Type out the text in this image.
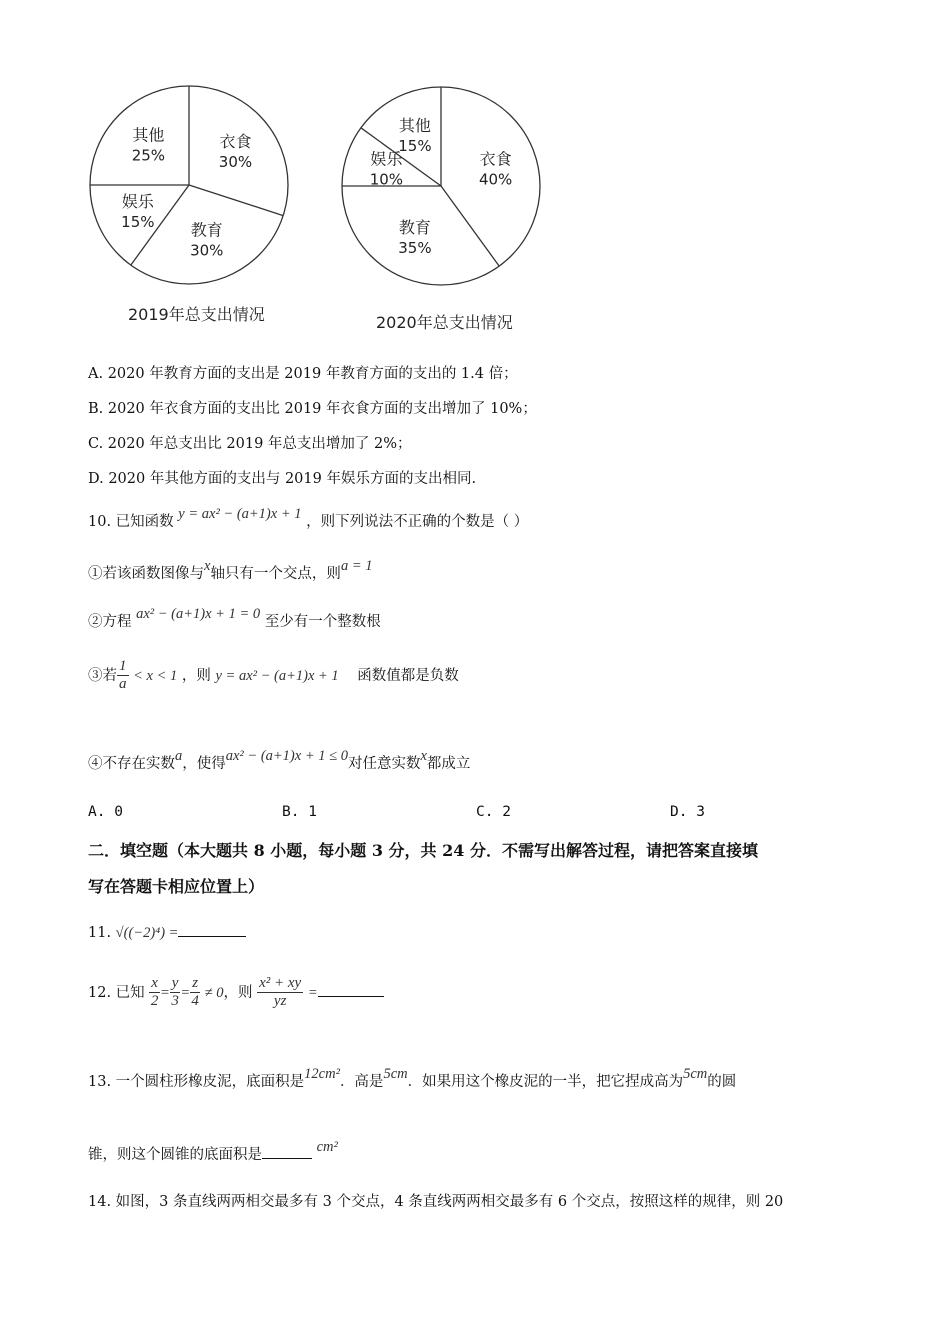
衣食
30%
教育
30%
娱乐
15%
其他
25%	衣食
40%
教育
35%
娱乐
10%
其他
15%
2019年总支出情况	2020年总支出情况
A. 2020 年教育方面的支出是 2019 年教育方面的支出的 1.4 倍；
B. 2020 年衣食方面的支出比 2019 年衣食方面的支出增加了 10%；
C. 2020 年总支出比 2019 年总支出增加了 2%；
D. 2020 年其他方面的支出与 2019 年娱乐方面的支出相同.
10. 已知函数 y = ax² − (a+1)x + 1 ，则下列说法不正确的个数是（ ）
①若该函数图像与x轴只有一个交点，则a = 1
②方程 ax² − (a+1)x + 1 = 0 至少有一个整数根
③若 $\frac{1}{a} < x < 1$ ，则 y = ax² − (a+1)x + 1 函数值都是负数
④不存在实数a，使得ax² − (a+1)x + 1 ≤ 0对任意实数x都成立
A. 0	B. 1	C. 2	D. 3
二．填空题（本大题共 8 小题，每小题 3 分，共 24 分．不需写出解答过程，请把答案直接填
写在答题卡相应位置上）
11. √((−2)⁴) =
12. 已知 $\frac{x}{2} = \frac{y}{3} = \frac{z}{4} \ne 0$，则 $\frac{\text{x² + xy}}{yz}$ =
13. 一个圆柱形橡皮泥，底面积是12cm²．高是5cm．如果用这个橡皮泥的一半，把它捏成高为5cm的圆
锥，则这个圆锥的底面积是	cm²
14. 如图，3 条直线两两相交最多有 3 个交点，4 条直线两两相交最多有 6 个交点，按照这样的规律，则 20
